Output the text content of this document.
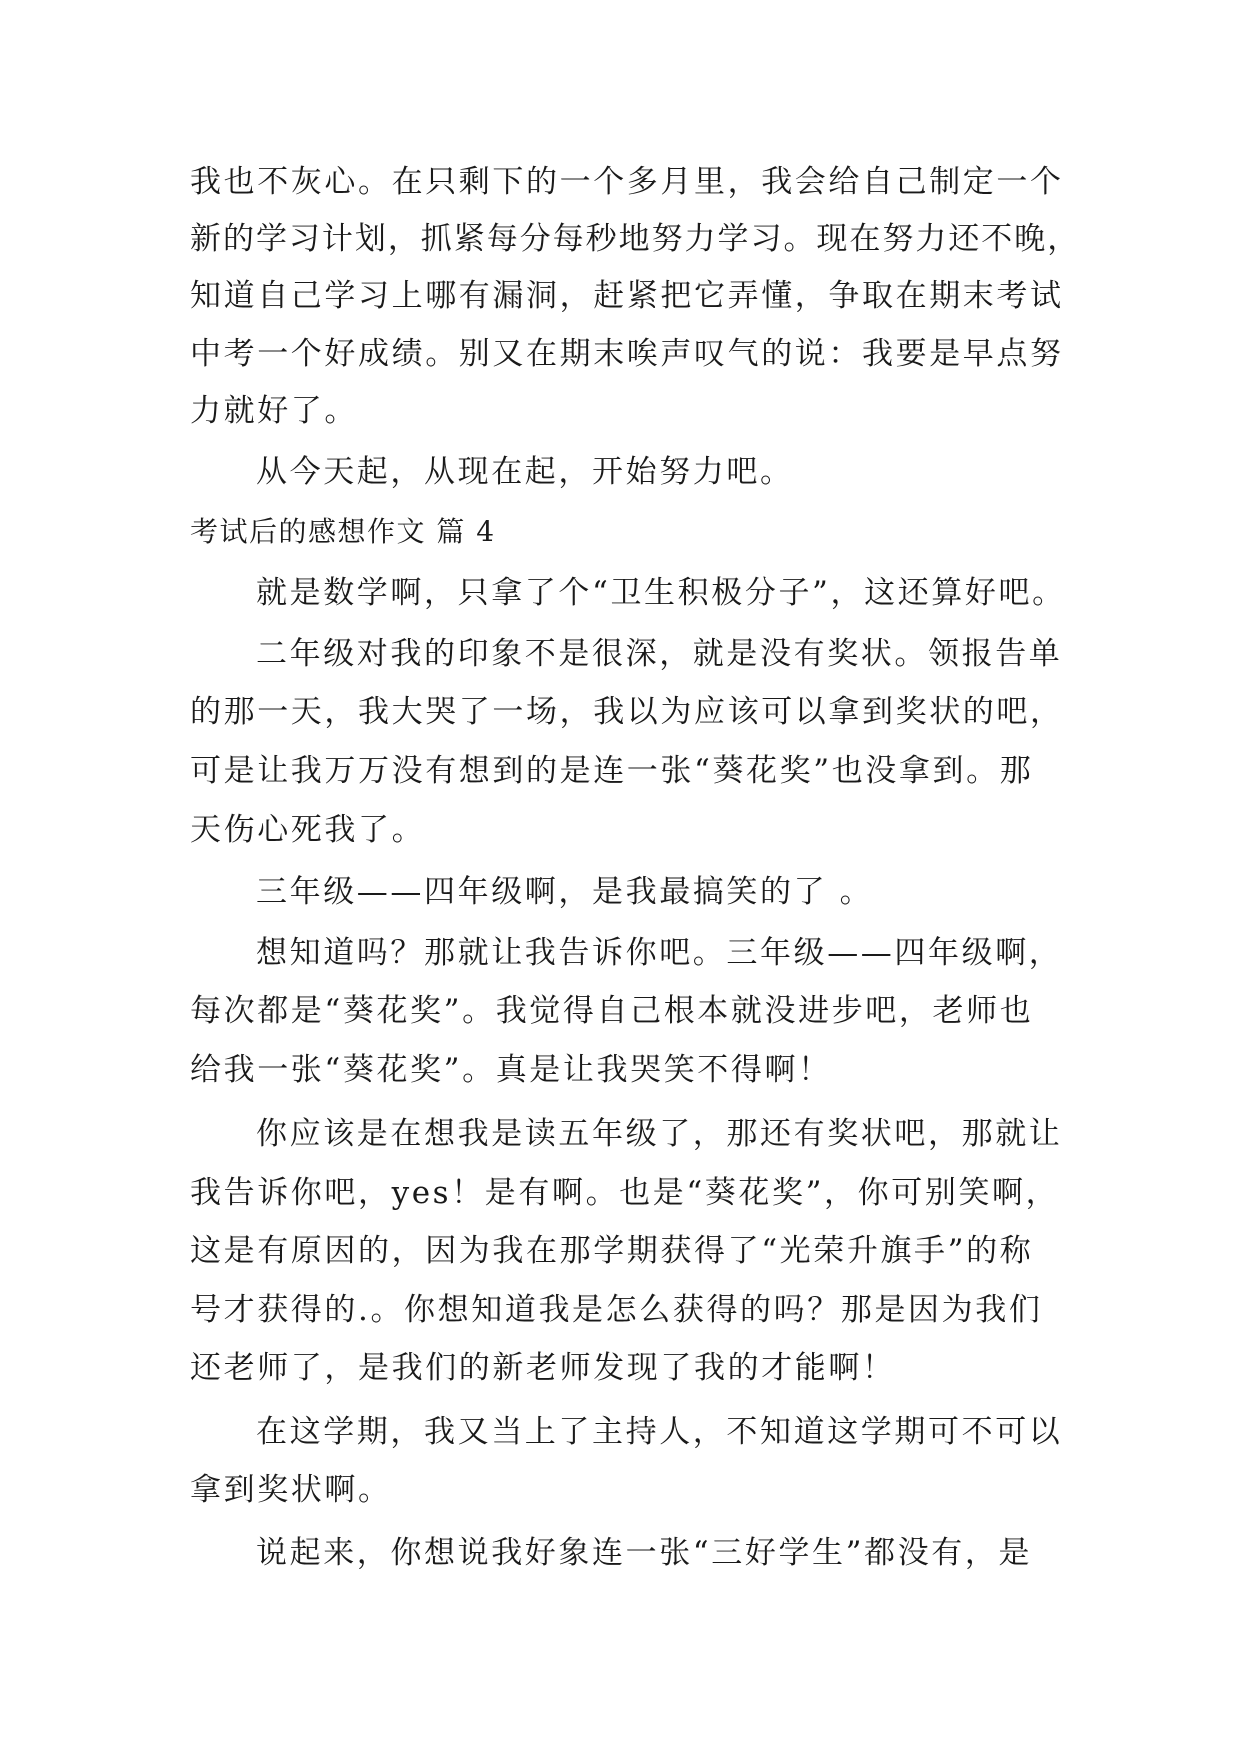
我也不灰心。在只剩下的一个多月里，我会给自己制定一个
新的学习计划，抓紧每分每秒地努力学习。现在努力还不晚，
知道自己学习上哪有漏洞，赶紧把它弄懂，争取在期末考试
中考一个好成绩。别又在期末唉声叹气的说：我要是早点努
力就好了。
从今天起，从现在起，开始努力吧。
考试后的感想作文 篇 4
就是数学啊，只拿了个“卫生积极分子”，这还算好吧。
二年级对我的印象不是很深，就是没有奖状。领报告单
的那一天，我大哭了一场，我以为应该可以拿到奖状的吧，
可是让我万万没有想到的是连一张“葵花奖”也没拿到。那
天伤心死我了。
三年级——四年级啊，是我最搞笑的了 。
想知道吗？那就让我告诉你吧。三年级——四年级啊，
每次都是“葵花奖”。我觉得自己根本就没进步吧，老师也
给我一张“葵花奖”。真是让我哭笑不得啊！
你应该是在想我是读五年级了，那还有奖状吧，那就让
我告诉你吧，yes！是有啊。也是“葵花奖”，你可别笑啊，
这是有原因的，因为我在那学期获得了“光荣升旗手”的称
号才获得的.。你想知道我是怎么获得的吗？那是因为我们
还老师了，是我们的新老师发现了我的才能啊！
在这学期，我又当上了主持人，不知道这学期可不可以
拿到奖状啊。
说起来，你想说我好象连一张“三好学生”都没有，是
